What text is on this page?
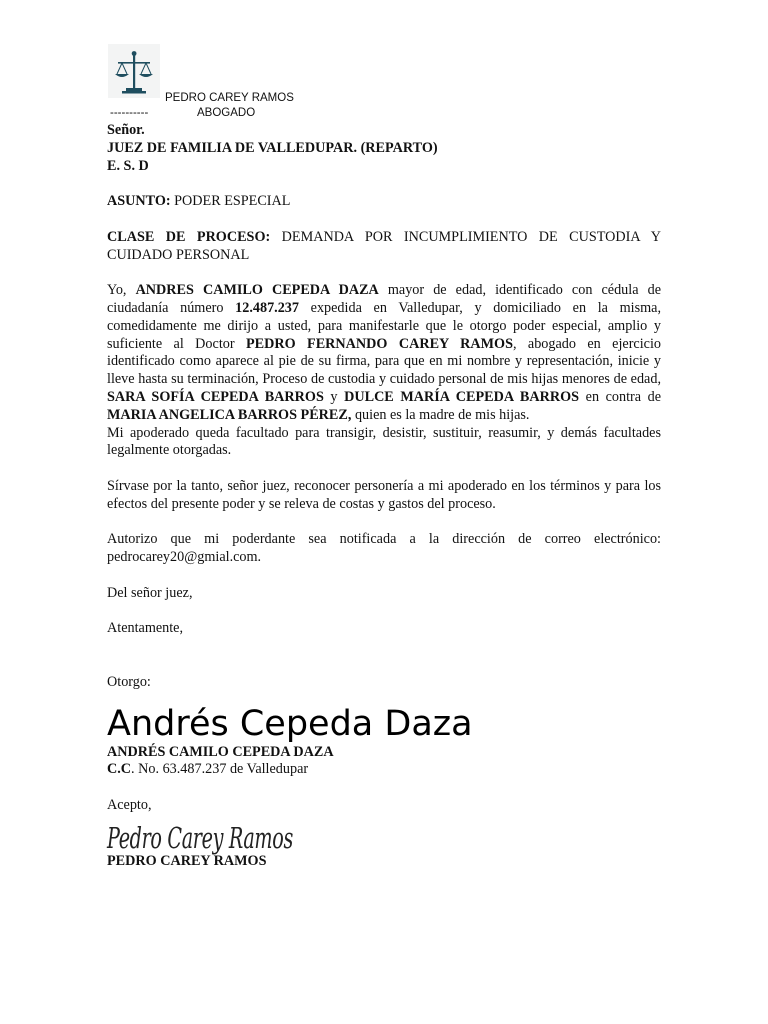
PEDRO CAREY RAMOS
----------	ABOGADO

Señor.

JUEZ DE FAMILIA DE VALLEDUPAR. (REPARTO)

E. S. D

ASUNTO: PODER ESPECIAL

CLASE DE PROCESO: DEMANDA POR INCUMPLIMIENTO DE CUSTODIA Y CUIDADO PERSONAL

Yo, ANDRES CAMILO CEPEDA DAZA mayor de edad, identificado con cédula de ciudadanía número 12.487.237 expedida en Valledupar, y domiciliado en la misma, comedidamente me dirijo a usted, para manifestarle que le otorgo poder especial, amplio y suficiente al Doctor PEDRO FERNANDO CAREY RAMOS, abogado en ejercicio identificado como aparece al pie de su firma, para que en mi nombre y representación, inicie y lleve hasta su terminación, Proceso de custodia y cuidado personal de mis hijas menores de edad, SARA SOFÍA CEPEDA BARROS y DULCE MARÍA CEPEDA BARROS en contra de MARIA ANGELICA BARROS PÉREZ, quien es la madre de mis hijas.

Mi apoderado queda facultado para transigir, desistir, sustituir, reasumir, y demás facultades legalmente otorgadas.

Sírvase por la tanto, señor juez, reconocer personería a mi apoderado en los términos y para los efectos del presente poder y se releva de costas y gastos del proceso.

Autorizo que mi poderdante sea notificada a la dirección de correo electrónico: pedrocarey20@gmial.com.

Del señor juez,

Atentamente,

Otorgo:

Andrés Cepeda Daza

ANDRÉS CAMILO CEPEDA DAZA

C.C. No. 63.487.237 de Valledupar

Acepto,

Pedro Carey Ramos

PEDRO CAREY RAMOS
